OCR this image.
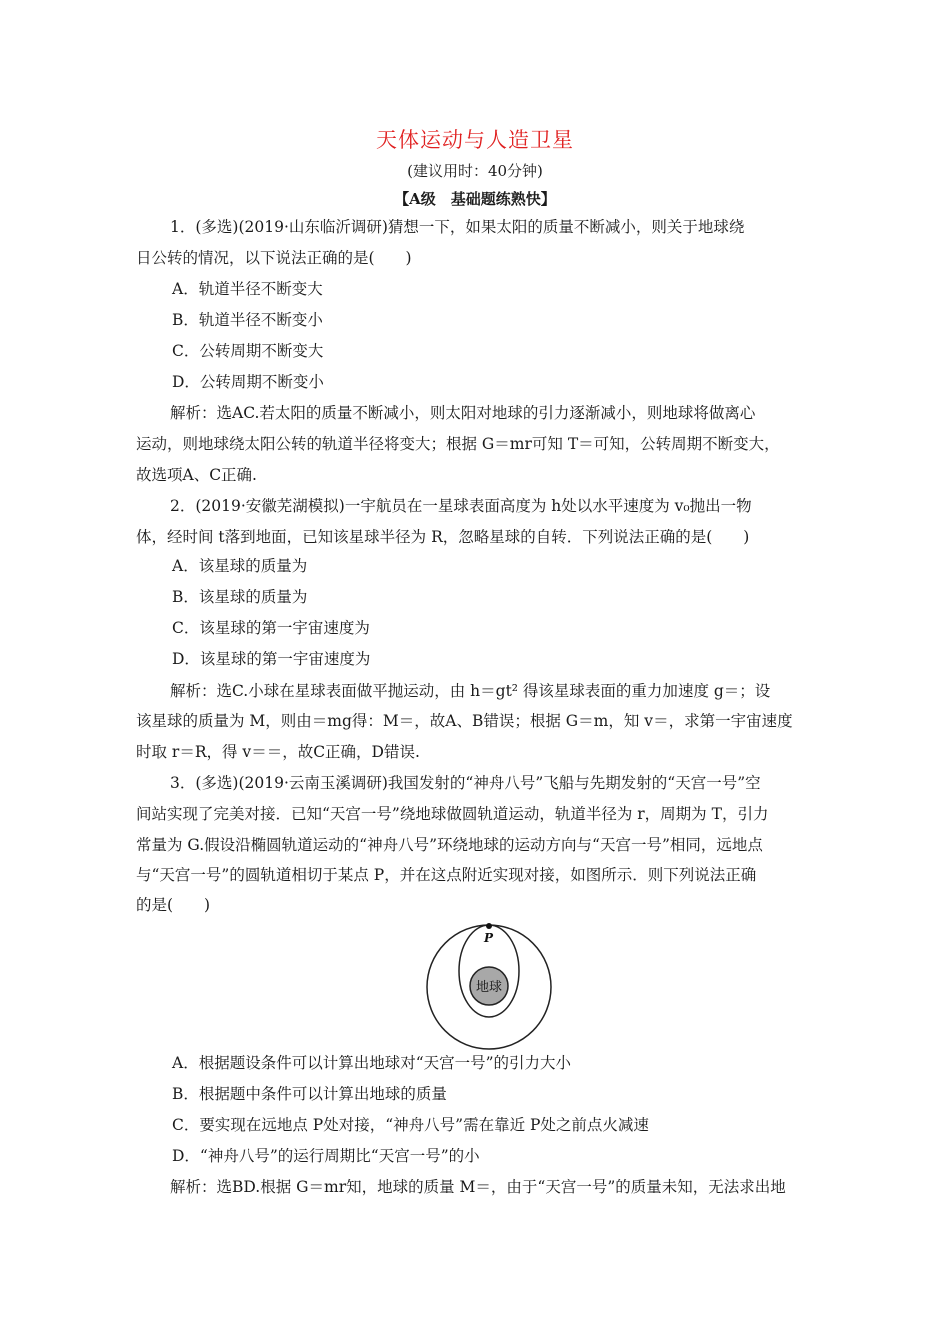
天体运动与人造卫星
(建议用时：40分钟)
【A级　基础题练熟快】
1．(多选)(2019·山东临沂调研)猜想一下，如果太阳的质量不断减小，则关于地球绕
日公转的情况，以下说法正确的是(　　)
A．轨道半径不断变大
B．轨道半径不断变小
C．公转周期不断变大
D．公转周期不断变小
解析：选AC.若太阳的质量不断减小，则太阳对地球的引力逐渐减小，则地球将做离心
运动，则地球绕太阳公转的轨道半径将变大；根据 G＝mr可知 T＝可知，公转周期不断变大，
故选项A、C正确.
2．(2019·安徽芜湖模拟)一宇航员在一星球表面高度为 h处以水平速度为 v₀抛出一物
体，经时间 t落到地面，已知该星球半径为 R，忽略星球的自转．下列说法正确的是(　　)
A．该星球的质量为
B．该星球的质量为
C．该星球的第一宇宙速度为
D．该星球的第一宇宙速度为
解析：选C.小球在星球表面做平抛运动，由 h＝gt² 得该星球表面的重力加速度 g＝；设
该星球的质量为 M，则由＝mg得：M＝，故A、B错误；根据 G＝m，知 v＝，求第一宇宙速度
时取 r＝R，得 v＝＝，故C正确，D错误.
3．(多选)(2019·云南玉溪调研)我国发射的“神舟八号”飞船与先期发射的“天宫一号”空
间站实现了完美对接．已知“天宫一号”绕地球做圆轨道运动，轨道半径为 r，周期为 T，引力
常量为 G.假设沿椭圆轨道运动的“神舟八号”环绕地球的运动方向与“天宫一号”相同，远地点
与“天宫一号”的圆轨道相切于某点 P，并在这点附近实现对接，如图所示．则下列说法正确
的是(　　)
P
地球
A．根据题设条件可以计算出地球对“天宫一号”的引力大小
B．根据题中条件可以计算出地球的质量
C．要实现在远地点 P处对接，“神舟八号”需在靠近 P处之前点火减速
D．“神舟八号”的运行周期比“天宫一号”的小
解析：选BD.根据 G＝mr知，地球的质量 M＝，由于“天宫一号”的质量未知，无法求出地
